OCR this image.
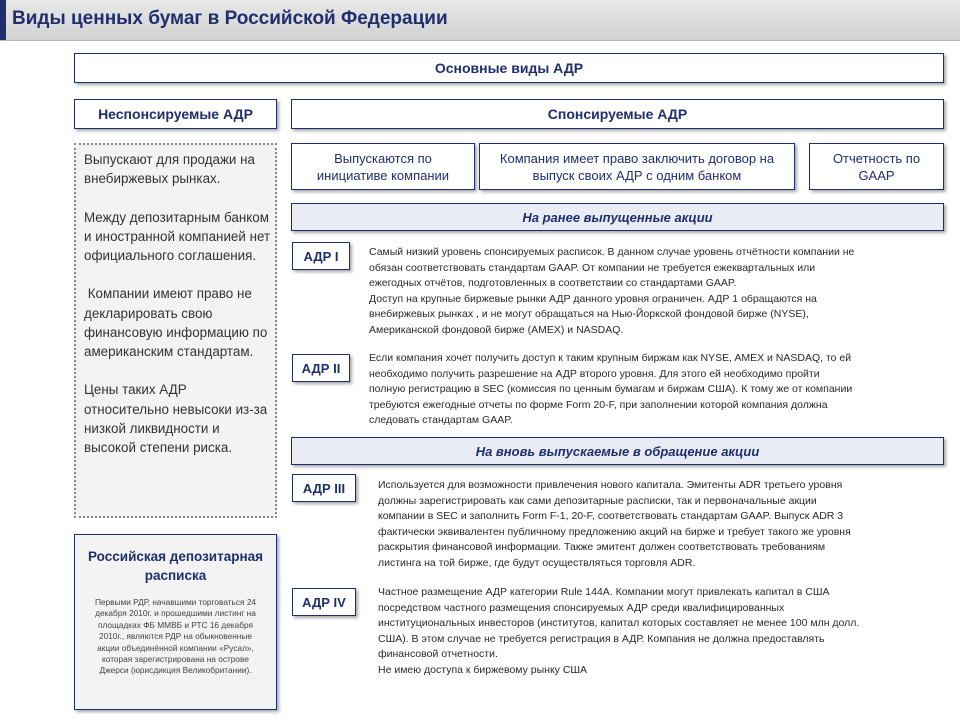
Виды ценных бумаг в Российской Федерации
Основные виды АДР
Неспонсируемые АДР	Спонсируемые АДР

Выпускают для продажи на внебиржевых рынках.

Между депозитарным банком и иностранной компанией нет официального соглашения.

Компании имеют право не декларировать свою финансовую информацию по американским стандартам.

Цены таких АДР относительно невысоки из-за низкой ликвидности и высокой степени риска.

Выпускаются по инициативе компании
Компания имеет право заключить договор на выпуск своих АДР с одним банком
Отчетность по GAAP
На ранее выпущенные акции
АДР I	Самый низкий уровень спонсируемых расписок. В данном случае уровень отчётности компании не
обязан соответствовать стандартам GAAP. От компании не требуется ежеквартальных или
ежегодных отчётов, подготовленных в соответствии со стандартами GAAP.
Доступ на крупные биржевые рынки АДР данного уровня ограничен. АДР 1 обращаются на
внебиржевых рынках , и не могут обращаться на Нью-Йоркской фондовой бирже (NYSE),
Американской фондовой бирже (AMEX) и NASDAQ.
АДР II
Если компания хочет получить доступ к таким крупным биржам как NYSE, AMEX и NASDAQ, то ей
необходимо получить разрешение на АДР второго уровня. Для этого ей необходимо пройти
полную регистрацию в SEC (комиссия по ценным бумагам и биржам США). К тому же от компании
требуются ежегодные отчеты по форме Form 20-F, при заполнении которой компания должна
следовать стандартам GAAP.
На вновь выпускаемые в обращение акции
АДР III	Используется для возможности привлечения нового капитала. Эмитенты ADR третьего уровня
должны зарегистрировать как сами депозитарные расписки, так и первоначальные акции
компании в SEC и заполнить Form F-1, 20-F, соответствовать стандартам GAAP. Выпуск ADR 3
фактически эквивалентен публичному предложению акций на бирже и требует такого же уровня
раскрытия финансовой информации. Также эмитент должен соответствовать требованиям
листинга на той бирже, где будут осуществляться торговля ADR.
АДР IV
Частное размещение АДР категории Rule 144A. Компании могут привлекать капитал в США
посредством частного размещения спонсируемых АДР среди квалифицированных
институциональных инвесторов (институтов, капитал которых составляет не менее 100 млн долл.
США). В этом случае не требуется регистрация в АДР. Компания не должна предоставлять
финансовой отчетности.
Не имею доступа к биржевому рынку США
Российская депозитарная расписка
Первыми РДР, начавшими торговаться 24 декабря 2010г. и прошедшими листинг на площадках ФБ ММВБ и РТС 16 декабря 2010г., являются РДР на обыкновенные акции объединённой компании «Русал», которая зарегистрирована на острове Джерси (юрисдикция Великобритании).
